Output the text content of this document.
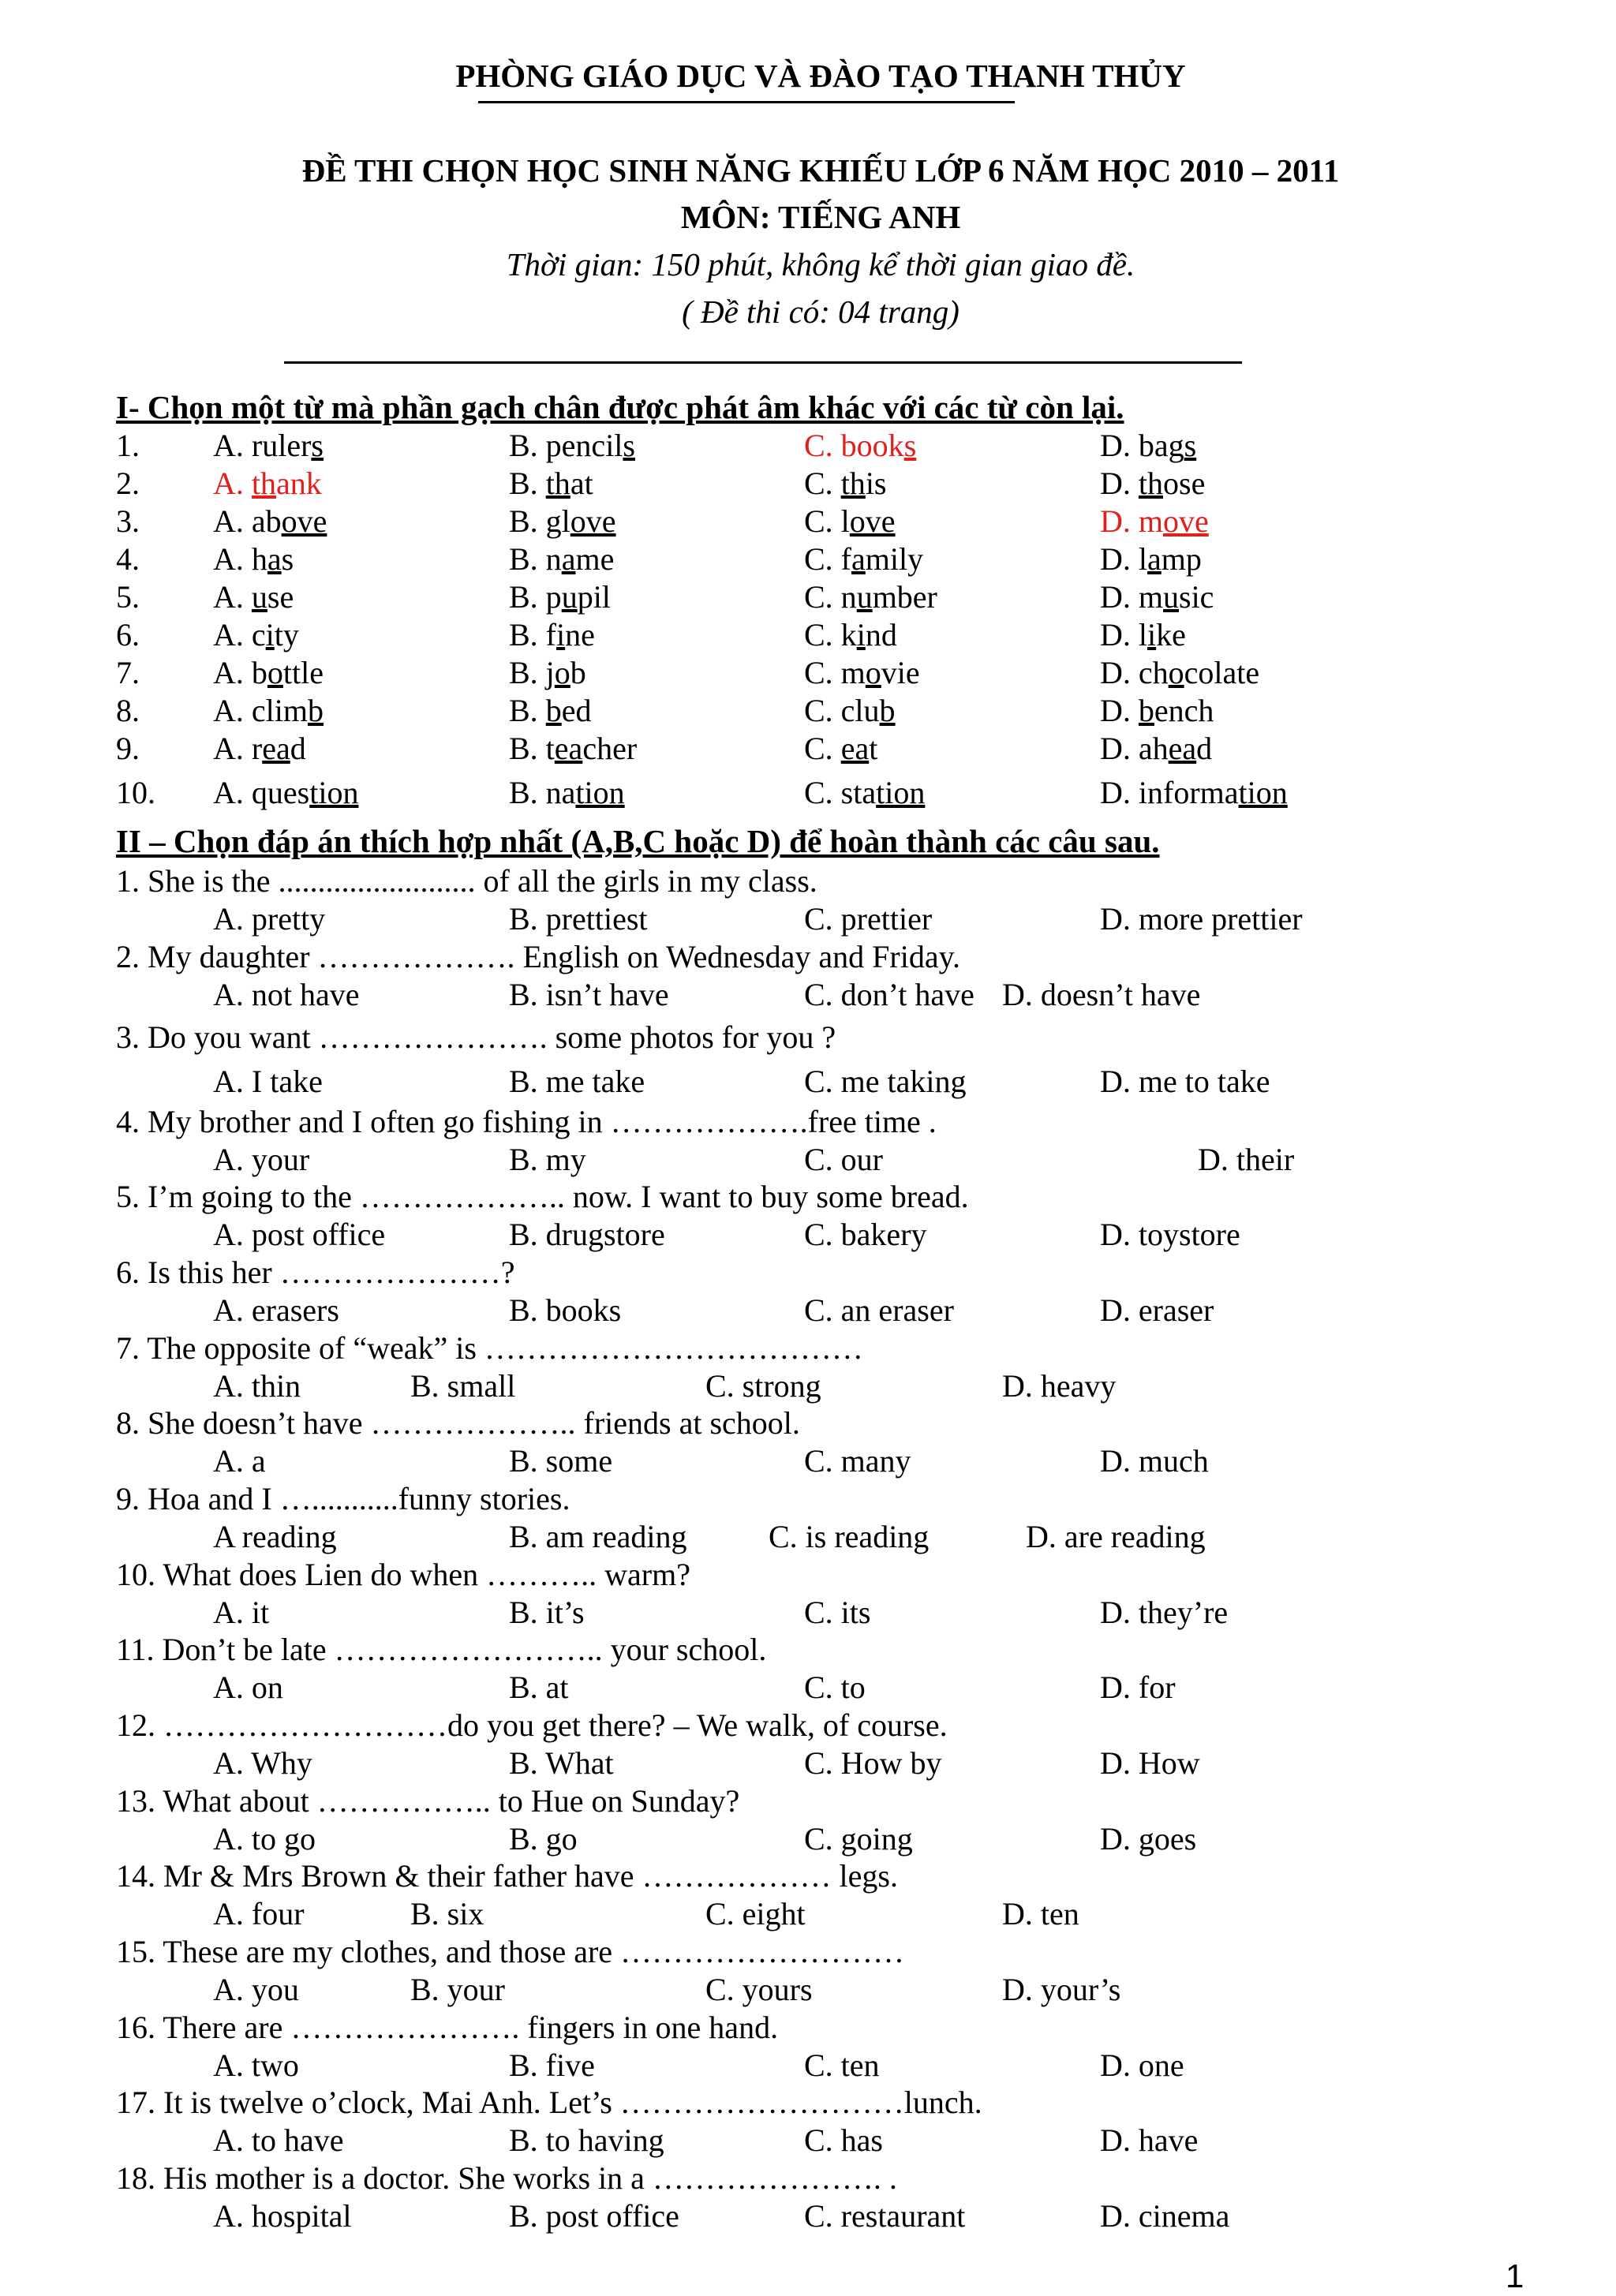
PHÒNG GIÁO DỤC VÀ ĐÀO TẠO THANH THỦY
ĐỀ THI CHỌN HỌC SINH NĂNG KHIẾU LỚP 6 NĂM HỌC 2010 – 2011
MÔN: TIẾNG ANH
Thời gian: 150 phút, không kể thời gian giao đề.
( Đề thi có: 04 trang)
I- Chọn một từ mà phần gạch chân được phát âm khác với các từ còn lại.
1. A. rulers	B. pencils	C. books	D. bags
2. A. thank	B. that	C. this	D. those
3. A. above	B. glove	C. love	D. move
4. A. has	B. name	C. family	D. lamp
5. A. use	B. pupil	C. number	D. music
6. A. city	B. fine	C. kind	D. like
7. A. bottle	B. job	C. movie	D. chocolate
8. A. climb	B. bed	C. club	D. bench
9. A. read	B. teacher	C. eat	D. ahead
10. A. question	B. nation	C. station	D. information
II – Chọn đáp án thích hợp nhất (A,B,C hoặc D) để hoàn thành các câu sau.
1. She is the ......................... of all the girls in my class.
A. pretty	B. prettiest	C. prettier	D. more prettier
2. My daughter ………………. English on Wednesday and Friday.
A. not have	B. isn’t have	C. don’t have D. doesn’t have
3. Do you want …………………. some photos for you ?
A. I take	B. me take	C. me taking	D. me to take
4. My brother and I often go fishing in ……………….free time .
A. your	B. my	C. our	D. their
5. I’m going to the ……………….. now. I want to buy some bread.
A. post office	B. drugstore	C. bakery	D. toystore
6. Is this her …………………?
A. erasers	B. books	C. an eraser	D. eraser
7. The opposite of “weak” is ………………………………
A. thin	B. small	C. strong	D. heavy
8. She doesn’t have ……………….. friends at school.
A. a	B. some	C. many	D. much
9. Hoa and I …...........funny stories.
A reading	B. am reading	C. is reading	D. are reading
10. What does Lien do when ……….. warm?
A. it	B. it’s	C. its	D. they’re
11. Don’t be late …………………….. your school.
A. on	B. at	C. to	D. for
12. ………………………do you get there? – We walk, of course.
A. Why	B. What	C. How by	D. How
13. What about …………….. to Hue on Sunday?
A. to go	B. go	C. going	D. goes
14. Mr & Mrs Brown & their father have ……………… legs.
A. four	B. six	C. eight	D. ten
15. These are my clothes, and those are ………………………
A. you	B. your	C. yours	D. your’s
16. There are …………………. fingers in one hand.
A. two	B. five	C. ten	D. one
17. It is twelve o’clock, Mai Anh. Let’s ………………………lunch.
A. to have	B. to having	C. has	D. have
18. His mother is a doctor. She works in a …………………. .
A. hospital	B. post office	C. restaurant	D. cinema
1
